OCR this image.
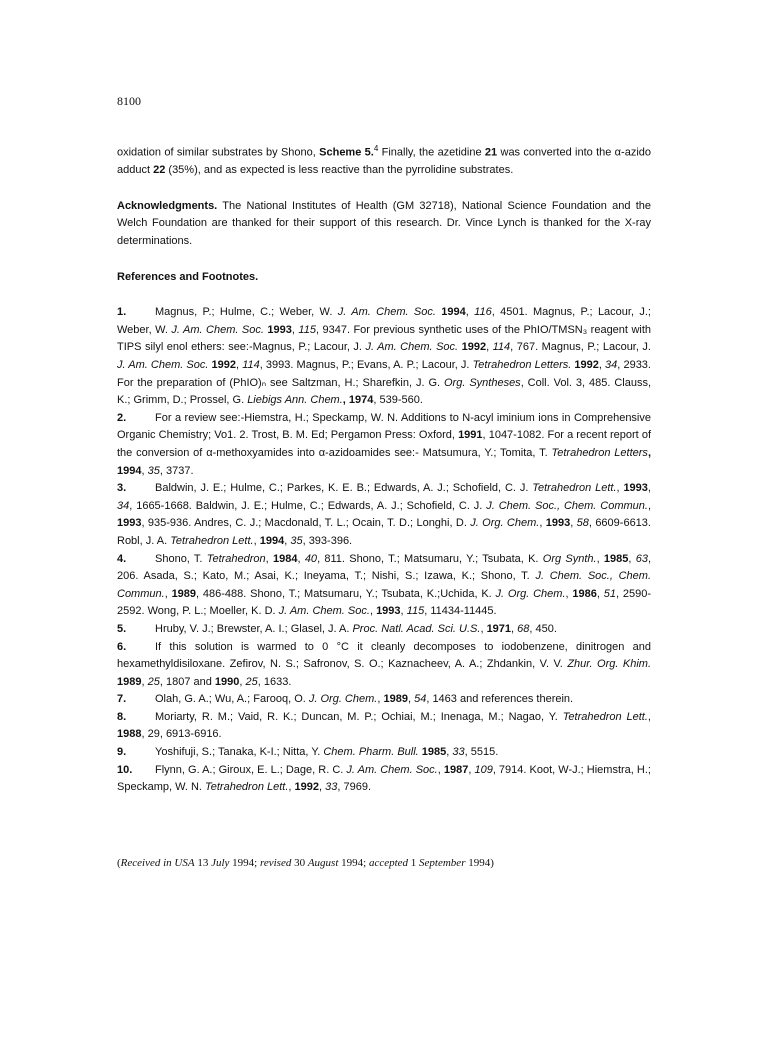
8100

oxidation of similar substrates by Shono, Scheme 5.$^4$ Finally, the azetidine 21 was converted into the α-azido adduct 22 (35%), and as expected is less reactive than the pyrrolidine substrates.

Acknowledgments. The National Institutes of Health (GM 32718), National Science Foundation and the Welch Foundation are thanked for their support of this research. Dr. Vince Lynch is thanked for the X-ray determinations.

References and Footnotes.

1.	Magnus, P.; Hulme, C.; Weber, W. J. Am. Chem. Soc. 1994, 116, 4501. Magnus, P.; Lacour, J.; Weber, W. J. Am. Chem. Soc. 1993, 115, 9347. For previous synthetic uses of the PhIO/TMSN₃ reagent with TIPS silyl enol ethers: see:-Magnus, P.; Lacour, J. J. Am. Chem. Soc. 1992, 114, 767. Magnus, P.; Lacour, J. J. Am. Chem. Soc. 1992, 114, 3993. Magnus, P.; Evans, A. P.; Lacour, J. Tetrahedron Letters. 1992, 34, 2933. For the preparation of (PhIO)ₙ see Saltzman, H.; Sharefkin, J. G. Org. Syntheses, Coll. Vol. 3, 485. Clauss, K.; Grimm, D.; Prossel, G. Liebigs Ann. Chem., 1974, 539-560.

2.	For a review see:-Hiemstra, H.; Speckamp, W. N. Additions to N-acyl iminium ions in Comprehensive Organic Chemistry; Vo1. 2. Trost, B. M. Ed; Pergamon Press: Oxford, 1991, 1047-1082. For a recent report of the conversion of α-methoxyamides into α-azidoamides see:- Matsumura, Y.; Tomita, T. Tetrahedron Letters, 1994, 35, 3737.

3.	Baldwin, J. E.; Hulme, C.; Parkes, K. E. B.; Edwards, A. J.; Schofield, C. J. Tetrahedron Lett., 1993, 34, 1665-1668. Baldwin, J. E.; Hulme, C.; Edwards, A. J.; Schofield, C. J. J. Chem. Soc., Chem. Commun., 1993, 935-936. Andres, C. J.; Macdonald, T. L.; Ocain, T. D.; Longhi, D. J. Org. Chem., 1993, 58, 6609-6613. Robl, J. A. Tetrahedron Lett., 1994, 35, 393-396.

4.	Shono, T. Tetrahedron, 1984, 40, 811. Shono, T.; Matsumaru, Y.; Tsubata, K. Org Synth., 1985, 63, 206. Asada, S.; Kato, M.; Asai, K.; Ineyama, T.; Nishi, S.; Izawa, K.; Shono, T. J. Chem. Soc., Chem. Commun., 1989, 486-488. Shono, T.; Matsumaru, Y.; Tsubata, K.;Uchida, K. J. Org. Chem., 1986, 51, 2590-2592. Wong, P. L.; Moeller, K. D. J. Am. Chem. Soc., 1993, 115, 11434-11445.

5.	Hruby, V. J.; Brewster, A. I.; Glasel, J. A. Proc. Natl. Acad. Sci. U.S., 1971, 68, 450.

6.	If this solution is warmed to 0 °C it cleanly decomposes to iodobenzene, dinitrogen and hexamethyldisiloxane. Zefirov, N. S.; Safronov, S. O.; Kaznacheev, A. A.; Zhdankin, V. V. Zhur. Org. Khim. 1989, 25, 1807 and 1990, 25, 1633.

7.	Olah, G. A.; Wu, A.; Farooq, O. J. Org. Chem., 1989, 54, 1463 and references therein.

8.	Moriarty, R. M.; Vaid, R. K.; Duncan, M. P.; Ochiai, M.; Inenaga, M.; Nagao, Y. Tetrahedron Lett., 1988, 29, 6913-6916.

9.	Yoshifuji, S.; Tanaka, K-I.; Nitta, Y. Chem. Pharm. Bull. 1985, 33, 5515.

10. Flynn, G. A.; Giroux, E. L.; Dage, R. C. J. Am. Chem. Soc., 1987, 109, 7914. Koot, W-J.; Hiemstra, H.; Speckamp, W. N. Tetrahedron Lett., 1992, 33, 7969.

(Received in USA 13 July 1994; revised 30 August 1994; accepted 1 September 1994)
